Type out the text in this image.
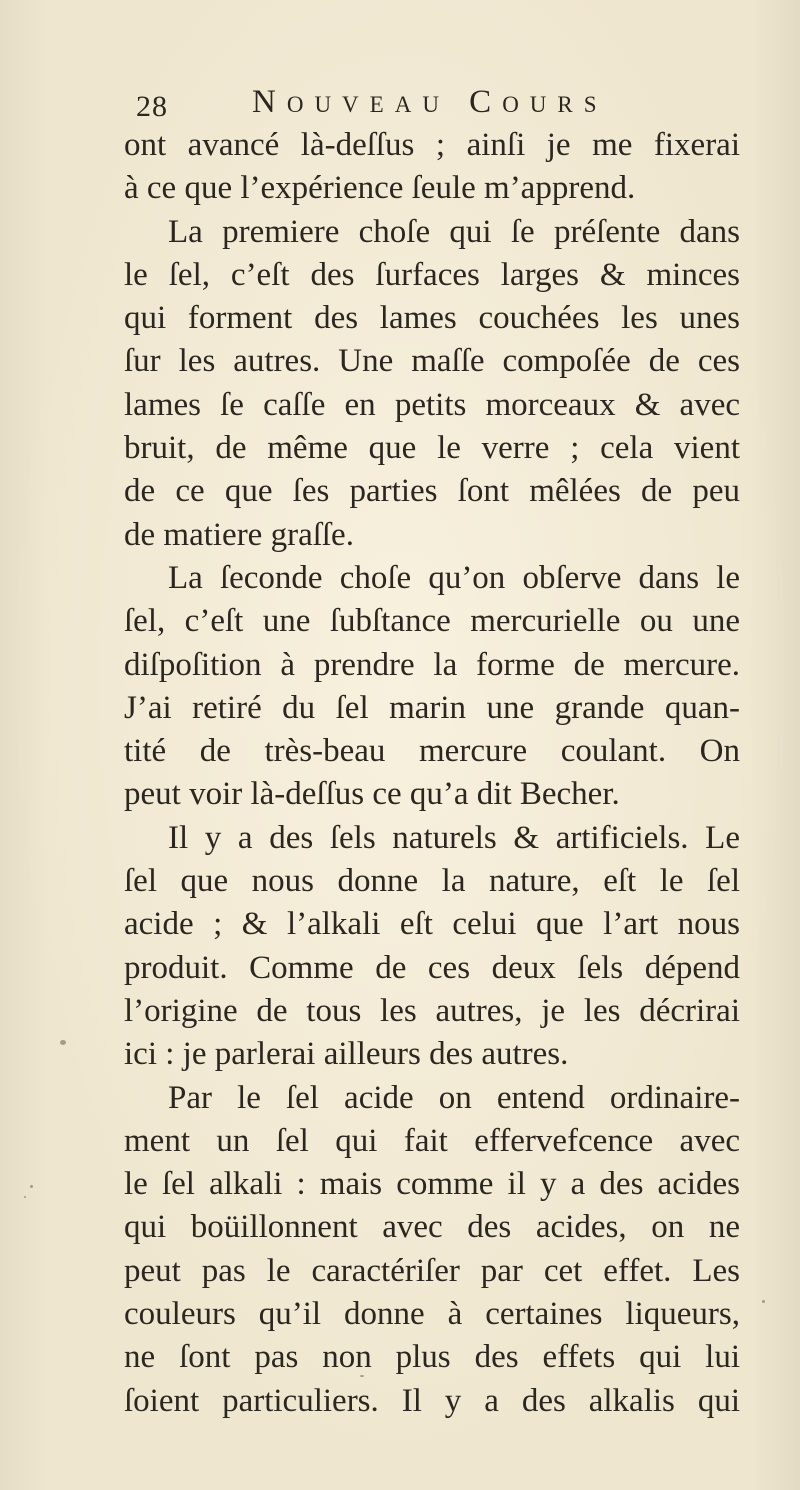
28	Nouveau Cours
ont avancé là-deſſus ; ainſi je me fixerai
à ce que l’expérience ſeule m’apprend.
La premiere choſe qui ſe préſente dans
le ſel, c’eſt des ſurfaces larges & minces
qui forment des lames couchées les unes
ſur les autres. Une maſſe compoſée de ces
lames ſe caſſe en petits morceaux & avec
bruit, de même que le verre ; cela vient
de ce que ſes parties ſont mêlées de peu
de matiere graſſe.
La ſeconde choſe qu’on obſerve dans le
ſel, c’eſt une ſubſtance mercurielle ou une
diſpoſition à prendre la forme de mercure.
J’ai retiré du ſel marin une grande quan-
tité de très-beau mercure coulant. On
peut voir là-deſſus ce qu’a dit Becher.
Il y a des ſels naturels & artificiels. Le
ſel que nous donne la nature, eſt le ſel
acide ; & l’alkali eſt celui que l’art nous
produit. Comme de ces deux ſels dépend
l’origine de tous les autres, je les décrirai
ici : je parlerai ailleurs des autres.
Par le ſel acide on entend ordinaire-
ment un ſel qui fait effervefcence avec
le ſel alkali : mais comme il y a des acides
qui boüillonnent avec des acides, on ne
peut pas le caractériſer par cet effet. Les
couleurs qu’il donne à certaines liqueurs,
ne ſont pas non plus des effets qui lui
ſoient particuliers. Il y a des alkalis qui
